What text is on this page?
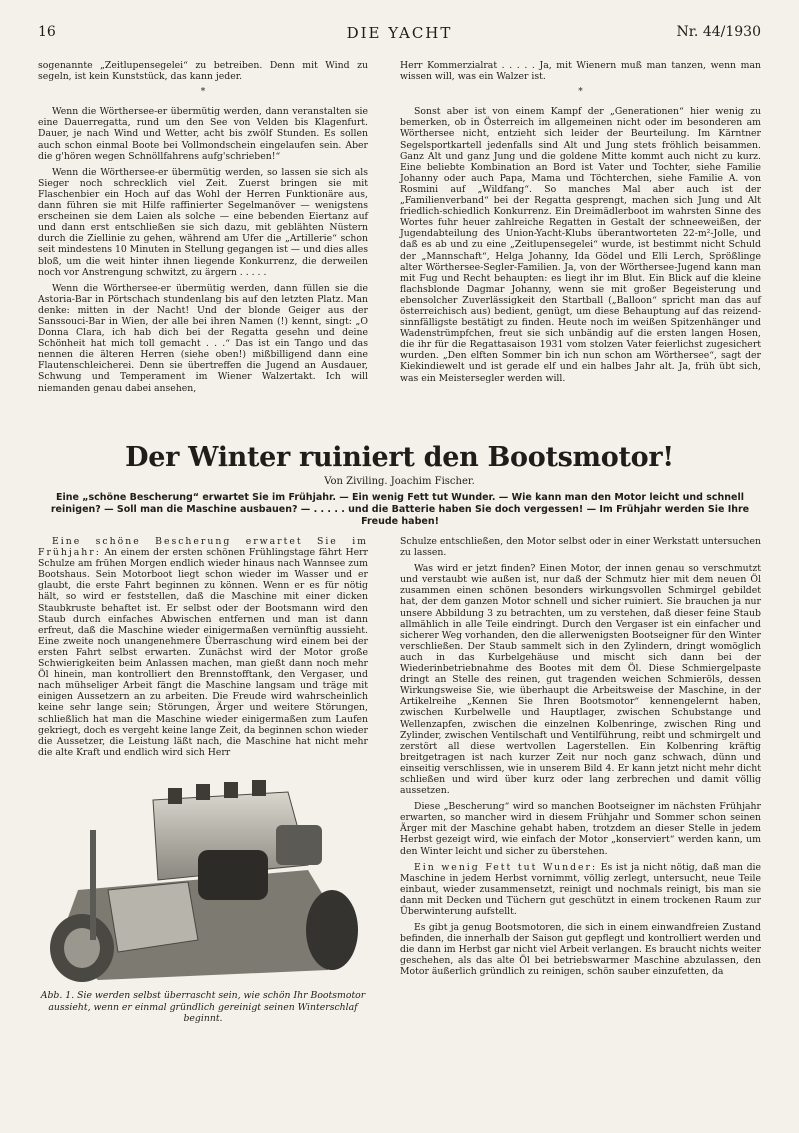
16	DIE YACHT	Nr. 44/1930

sogenannte „Zeitlupensegelei“ zu betreiben. Denn mit Wind zu segeln, ist kein Kunststück, das kann jeder.

*

Wenn die Wörthersee-er übermütig werden, dann veranstalten sie eine Dauerregatta, rund um den See von Velden bis Klagenfurt. Dauer, je nach Wind und Wetter, acht bis zwölf Stunden. Es sollen auch schon einmal Boote bei Vollmondschein eingelaufen sein. Aber die g'hören wegen Schnöllfahrens aufg'schrieben!“

Wenn die Wörthersee-er übermütig werden, so lassen sie sich als Sieger noch schrecklich viel Zeit. Zuerst bringen sie mit Flaschenbier ein Hoch auf das Wohl der Herren Funktionäre aus, dann führen sie mit Hilfe raffinierter Segelmanöver — wenigstens erscheinen sie dem Laien als solche — eine bebenden Eiertanz auf und dann erst entschließen sie sich dazu, mit geblähten Nüstern durch die Ziellinie zu gehen, während am Ufer die „Artillerie“ schon seit mindestens 10 Minuten in Stellung gegangen ist — und dies alles bloß, um die weit hinter ihnen liegende Konkurrenz, die derweilen noch vor Anstrengung schwitzt, zu ärgern . . . . .

Wenn die Wörthersee-er übermütig werden, dann füllen sie die Astoria-Bar in Pörtschach stundenlang bis auf den letzten Platz. Man denke: mitten in der Nacht! Und der blonde Geiger aus der Sanssouci-Bar in Wien, der alle bei ihren Namen (!) kennt, singt: „O Donna Clara, ich hab dich bei der Regatta gesehn und deine Schönheit hat mich toll gemacht . . .“ Das ist ein Tango und das nennen die älteren Herren (siehe oben!) mißbilligend dann eine Flautenschleicherei. Denn sie übertreffen die Jugend an Ausdauer, Schwung und Temperament im Wiener Walzertakt. Ich will niemanden genau dabei ansehen,

Herr Kommerzialrat . . . . . Ja, mit Wienern muß man tanzen, wenn man wissen will, was ein Walzer ist.

*

Sonst aber ist von einem Kampf der „Generationen“ hier wenig zu bemerken, ob in Österreich im allgemeinen nicht oder im besonderen am Wörthersee nicht, entzieht sich leider der Beurteilung. Im Kärntner Segelsportkartell jedenfalls sind Alt und Jung stets fröhlich beisammen. Ganz Alt und ganz Jung und die goldene Mitte kommt auch nicht zu kurz. Eine beliebte Kombination an Bord ist Vater und Tochter, siehe Familie Johanny oder auch Papa, Mama und Töchterchen, siehe Familie A. von Rosmini auf „Wildfang“. So manches Mal aber auch ist der „Familienverband“ bei der Regatta gesprengt, machen sich Jung und Alt friedlich-schiedlich Konkurrenz. Ein Dreimädlerboot im wahrsten Sinne des Wortes fuhr heuer zahlreiche Regatten in Gestalt der schneeweißen, der Jugendabteilung des Union-Yacht-Klubs überantworteten 22-m²-Jolle, und daß es ab und zu eine „Zeitlupensegelei“ wurde, ist bestimmt nicht Schuld der „Mannschaft“, Helga Johanny, Ida Gödel und Elli Lerch, Sprößlinge alter Wörthersee-Segler-Familien. Ja, von der Wörthersee-Jugend kann man mit Fug und Recht behaupten: es liegt ihr im Blut. Ein Blick auf die kleine flachsblonde Dagmar Johanny, wenn sie mit großer Begeisterung und ebensolcher Zuverlässigkeit den Startball („Balloon“ spricht man das auf österreichisch aus) bedient, genügt, um diese Behauptung auf das reizend-sinnfälligste bestätigt zu finden. Heute noch im weißen Spitzenhänger und Wadenstrümpfchen, freut sie sich unbändig auf die ersten langen Hosen, die ihr für die Regattasaison 1931 vom stolzen Vater feierlichst zugesichert wurden. „Den elften Sommer bin ich nun schon am Wörthersee“, sagt der Kiekindiewelt und ist gerade elf und ein halbes Jahr alt. Ja, früh übt sich, was ein Meistersegler werden will.

Der Winter ruiniert den Bootsmotor!
Von Ziviling. Joachim Fischer.
Eine „schöne Bescherung“ erwartet Sie im Frühjahr. — Ein wenig Fett tut Wunder. — Wie kann man den Motor leicht und schnell reinigen? — Soll man die Maschine ausbauen? — . . . . . und die Batterie haben Sie doch vergessen! — Im Frühjahr werden Sie Ihre Freude haben!

Eine schöne Bescherung erwartet Sie im Frühjahr: An einem der ersten schönen Frühlingstage fährt Herr Schulze am frühen Morgen endlich wieder hinaus nach Wannsee zum Bootshaus. Sein Motorboot liegt schon wieder im Wasser und er glaubt, die erste Fahrt beginnen zu können. Wenn er es für nötig hält, so wird er feststellen, daß die Maschine mit einer dicken Staubkruste behaftet ist. Er selbst oder der Bootsmann wird den Staub durch einfaches Abwischen entfernen und man ist dann erfreut, daß die Maschine wieder einigermaßen vernünftig aussieht. Eine zweite noch unangenehmere Überraschung wird einem bei der ersten Fahrt selbst erwarten. Zunächst wird der Motor große Schwierigkeiten beim Anlassen machen, man gießt dann noch mehr Öl hinein, man kontrolliert den Brennstofftank, den Vergaser, und nach mühseliger Arbeit fängt die Maschine langsam und träge mit einigen Aussetzern an zu arbeiten. Die Freude wird wahrscheinlich keine sehr lange sein; Störungen, Ärger und weitere Störungen, schließlich hat man die Maschine wieder einigermaßen zum Laufen gekriegt, doch es vergeht keine lange Zeit, da beginnen schon wieder die Aussetzer, die Leistung läßt nach, die Maschine hat nicht mehr die alte Kraft und endlich wird sich Herr

Abb. 1. Sie werden selbst überrascht sein, wie schön Ihr Bootsmotor aussieht, wenn er einmal gründlich gereinigt seinen Winterschlaf beginnt.

Schulze entschließen, den Motor selbst oder in einer Werkstatt untersuchen zu lassen.

Was wird er jetzt finden? Einen Motor, der innen genau so verschmutzt und verstaubt wie außen ist, nur daß der Schmutz hier mit dem neuen Öl zusammen einen schönen besonders wirkungsvollen Schmirgel gebildet hat, der dem ganzen Motor schnell und sicher ruiniert. Sie brauchen ja nur unsere Abbildung 3 zu betrachten, um zu verstehen, daß dieser feine Staub allmählich in alle Teile eindringt. Durch den Vergaser ist ein einfacher und sicherer Weg vorhanden, den die allerwenigsten Bootseigner für den Winter verschließen. Der Staub sammelt sich in den Zylindern, dringt womöglich auch in das Kurbelgehäuse und mischt sich dann bei der Wiederinbetriebnahme des Bootes mit dem Öl. Diese Schmiergelpaste dringt an Stelle des reinen, gut tragenden weichen Schmieröls, dessen Wirkungsweise Sie, wie überhaupt die Arbeitsweise der Maschine, in der Artikelreihe „Kennen Sie Ihren Bootsmotor“ kennengelernt haben, zwischen Kurbelwelle und Hauptlager, zwischen Schubstange und Wellenzapfen, zwischen die einzelnen Kolbenringe, zwischen Ring und Zylinder, zwischen Ventilschaft und Ventilführung, reibt und schmirgelt und zerstört all diese wertvollen Lagerstellen. Ein Kolbenring kräftig breitgetragen ist nach kurzer Zeit nur noch ganz schwach, dünn und einseitig verschlissen, wie in unserem Bild 4. Er kann jetzt nicht mehr dicht schließen und wird über kurz oder lang zerbrechen und damit völlig aussetzen.

Diese „Bescherung“ wird so manchen Bootseigner im nächsten Frühjahr erwarten, so mancher wird in diesem Frühjahr und Sommer schon seinen Ärger mit der Maschine gehabt haben, trotzdem an dieser Stelle in jedem Herbst gezeigt wird, wie einfach der Motor „konserviert“ werden kann, um den Winter leicht und sicher zu überstehen.

Ein wenig Fett tut Wunder: Es ist ja nicht nötig, daß man die Maschine in jedem Herbst vornimmt, völlig zerlegt, untersucht, neue Teile einbaut, wieder zusammensetzt, reinigt und nochmals reinigt, bis man sie dann mit Decken und Tüchern gut geschützt in einem trockenen Raum zur Überwinterung aufstellt.

Es gibt ja genug Bootsmotoren, die sich in einem einwandfreien Zustand befinden, die innerhalb der Saison gut gepflegt und kontrolliert werden und die dann im Herbst gar nicht viel Arbeit verlangen. Es braucht nichts weiter geschehen, als das alte Öl bei betriebswarmer Maschine abzulassen, den Motor äußerlich gründlich zu reinigen, schön sauber einzufetten, da
